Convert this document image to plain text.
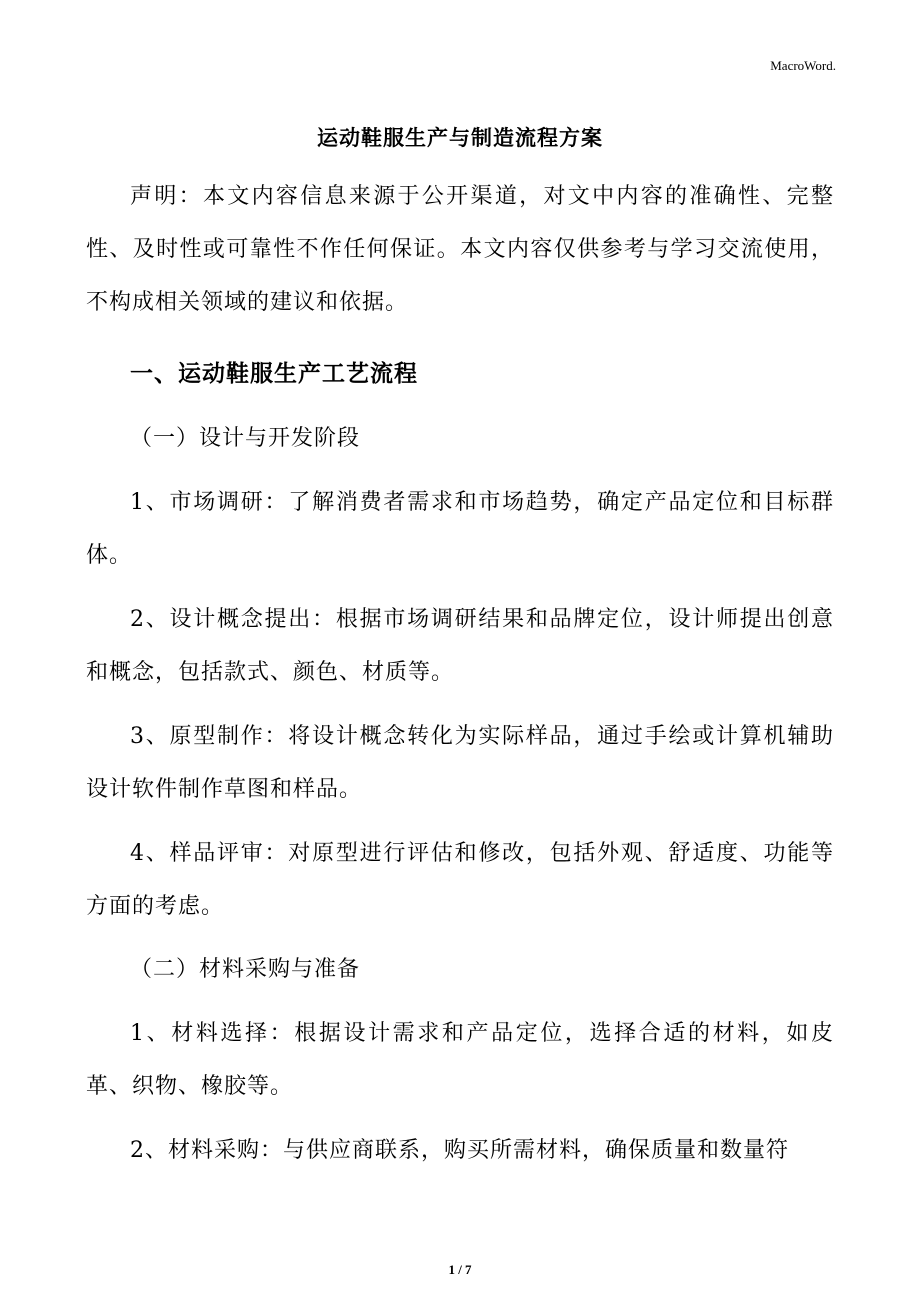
MacroWord.
运动鞋服生产与制造流程方案
声明：本文内容信息来源于公开渠道，对文中内容的准确性、完整性、及时性或可靠性不作任何保证。本文内容仅供参考与学习交流使用，不构成相关领域的建议和依据。
一、运动鞋服生产工艺流程
（一）设计与开发阶段
1、市场调研：了解消费者需求和市场趋势，确定产品定位和目标群体。
2、设计概念提出：根据市场调研结果和品牌定位，设计师提出创意和概念，包括款式、颜色、材质等。
3、原型制作：将设计概念转化为实际样品，通过手绘或计算机辅助设计软件制作草图和样品。
4、样品评审：对原型进行评估和修改，包括外观、舒适度、功能等方面的考虑。
（二）材料采购与准备
1、材料选择：根据设计需求和产品定位，选择合适的材料，如皮革、织物、橡胶等。
2、材料采购：与供应商联系，购买所需材料，确保质量和数量符
1 / 7
